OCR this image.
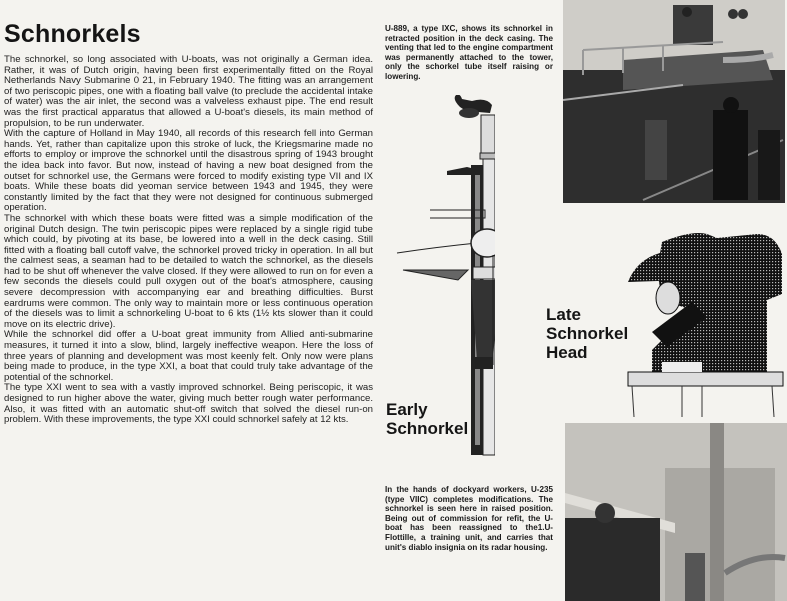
Schnorkels

The schnorkel, so long associated with U-boats, was not originally a German idea. Rather, it was of Dutch origin, having been first experimentally fitted on the Royal Netherlands Navy Submarine 0 21, in February 1940. The fitting was an arrangement of two periscopic pipes, one with a floating ball valve (to preclude the accidental intake of water) was the air inlet, the second was a valveless exhaust pipe. The end result was the first practical apparatus that allowed a U-boat's diesels, its main method of propulsion, to be run underwater.

With the capture of Holland in May 1940, all records of this research fell into German hands. Yet, rather than capitalize upon this stroke of luck, the Kriegsmarine made no efforts to employ or improve the schnorkel until the disastrous spring of 1943 brought the idea back into favor. But now, instead of having a new boat designed from the outset for schnorkel use, the Germans were forced to modify existing type VII and IX boats. While these boats did yeoman service between 1943 and 1945, they were constantly limited by the fact that they were not designed for continuous submerged operation.

The schnorkel with which these boats were fitted was a simple modification of the original Dutch design. The twin periscopic pipes were replaced by a single rigid tube which could, by pivoting at its base, be lowered into a well in the deck casing. Still fitted with a floating ball cutoff valve, the schnorkel proved tricky in operation. In all but the calmest seas, a seaman had to be detailed to watch the schnorkel, as the diesels had to be shut off whenever the valve closed. If they were allowed to run on for even a few seconds the diesels could pull oxygen out of the boat's atmosphere, causing severe decompression with accompanying ear and breathing difficulties. Burst eardrums were common. The only way to maintain more or less continuous operation of the diesels was to limit a schnorkeling U-boat to 6 kts (1½ kts slower than it could move on its electric drive).

While the schnorkel did offer a U-boat great immunity from Allied anti-submarine measures, it turned it into a slow, blind, largely ineffective weapon. Here the loss of three years of planning and development was most keenly felt. Only now were plans being made to produce, in the type XXI, a boat that could truly take advantage of the potential of the schnorkel.

The type XXI went to sea with a vastly improved schnorkel. Being periscopic, it was designed to run higher above the water, giving much better rough water performance. Also, it was fitted with an automatic shut-off switch that solved the diesel run-on problem. With these improvements, the type XXI could schnorkel safely at 12 kts.

U-889, a type IXC, shows its schnorkel in retracted position in the deck casing. The venting that led to the engine compartment was permanently attached to the tower, only the schorkel tube itself raising or lowering.
In the hands of dockyard workers, U-235 (type VIIC) completes modifications. The schnorkel is seen here in raised position. Being out of commission for refit, the U-boat has been reassigned to the1.U-Flottille, a training unit, and carries that unit's diablo insignia on its radar housing.
Early
Schnorkel
Late
Schnorkel
Head
